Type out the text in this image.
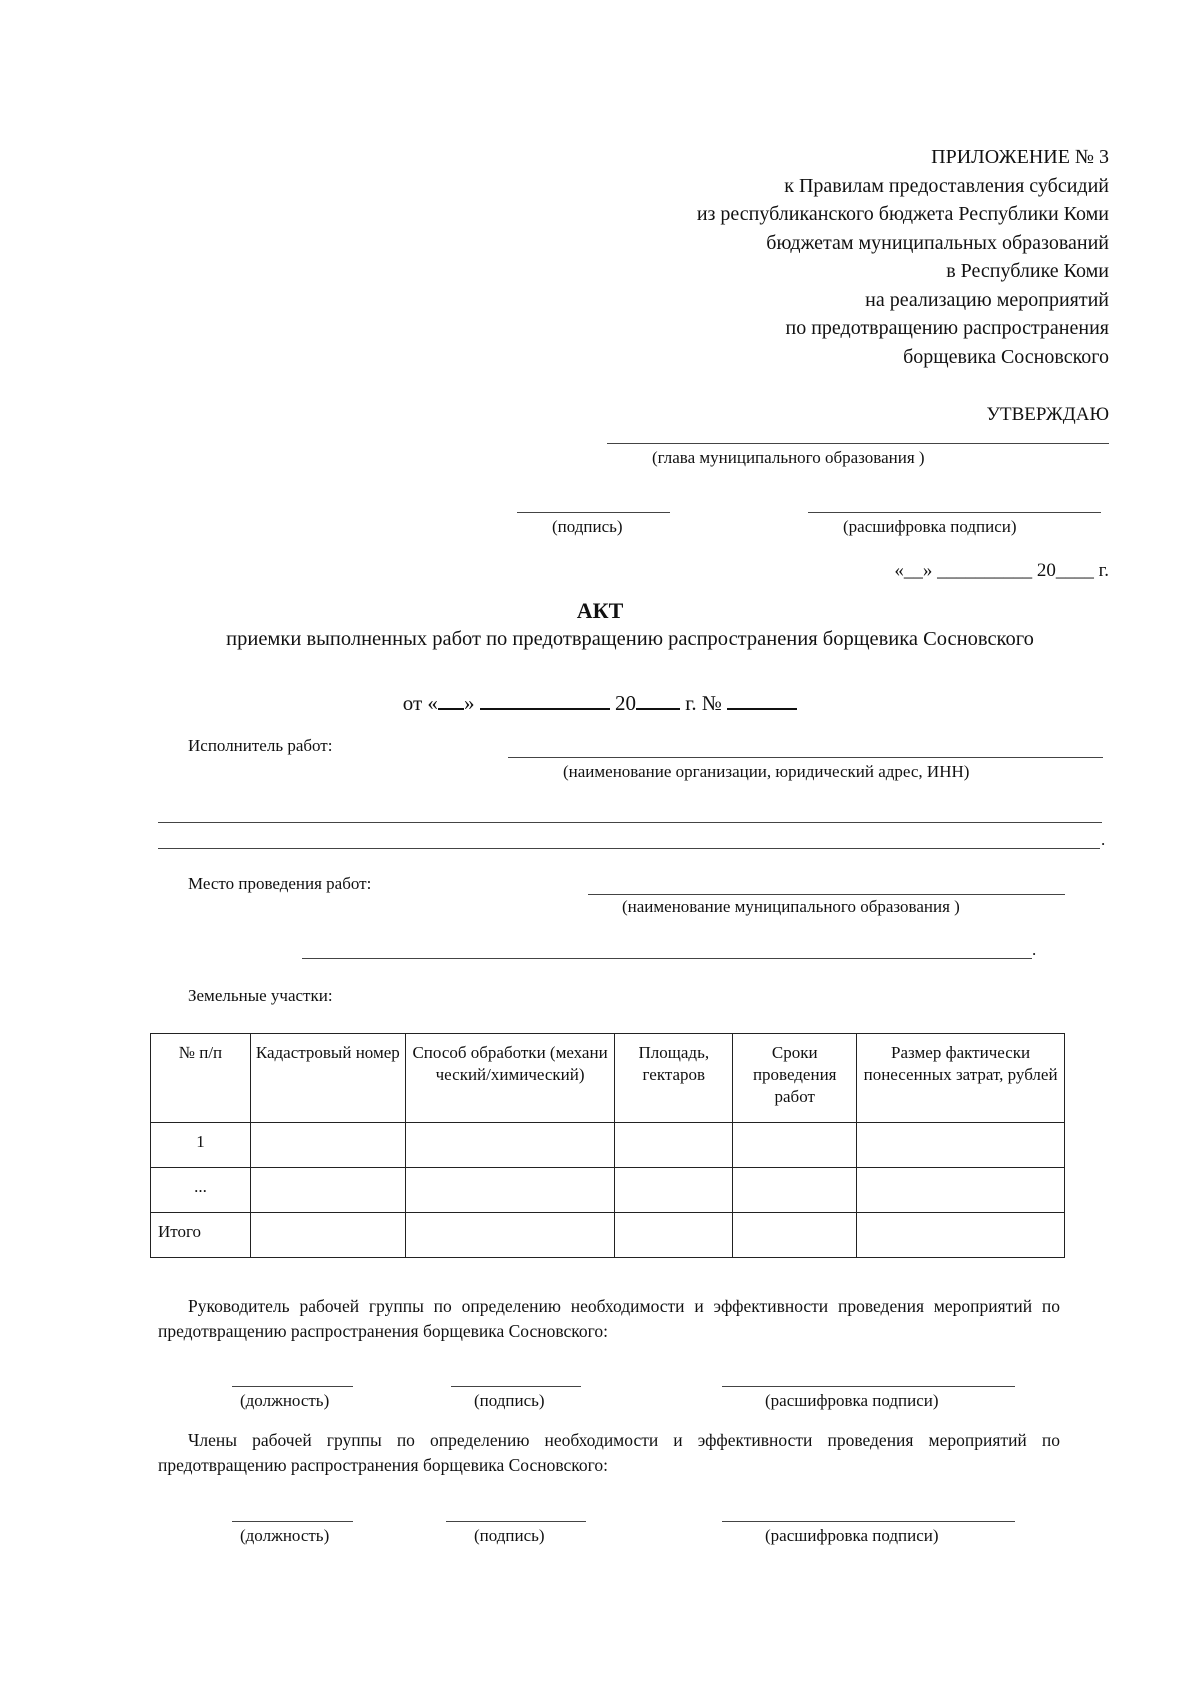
ПРИЛОЖЕНИЕ № 3
к Правилам предоставления субсидий
из республиканского бюджета Республики Коми
бюджетам муниципальных образований
в Республике Коми
на реализацию мероприятий
по предотвращению распространения
борщевика Сосновского
УТВЕРЖДАЮ
(глава муниципального образования )
(подпись)	(расшифровка подписи)
«__» __________ 20____ г.
АКТ
приемки выполненных работ по предотвращению распространения борщевика Сосновского
от « »	20 г. №
Исполнитель работ:
(наименование организации, юридический адрес, ИНН)
.
Место проведения работ:
(наименование муниципального образования )
.
Земельные участки:
№ п/п	Кадастровый номер	Способ обработки (механический/химический)	Площадь, гектаров	Сроки проведения работ	Размер фактически понесенных затрат, рублей
1					
...					
Итого					
Руководитель рабочей группы по определению необходимости и эффективности проведения мероприятий по предотвращению распространения борщевика Сосновского:
(должность)	(подпись)	(расшифровка подписи)
Члены рабочей группы по определению необходимости и эффективности проведения мероприятий по предотвращению распространения борщевика Сосновского:
(должность)	(подпись)	(расшифровка подписи)
